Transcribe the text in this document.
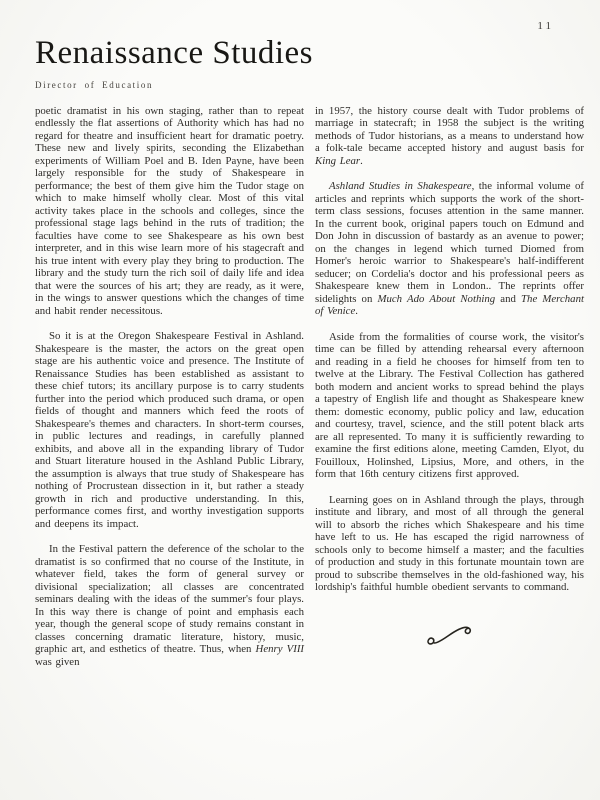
11
Renaissance Studies
Director of Education

poetic dramatist in his own staging, rather than to repeat endlessly the flat assertions of Authority which has had no regard for theatre and insufficient heart for dramatic poetry. These new and lively spirits, seconding the Elizabethan experiments of William Poel and B. Iden Payne, have been largely responsible for the study of Shakespeare in performance; the best of them give him the Tudor stage on which to make himself wholly clear. Most of this vital activity takes place in the schools and colleges, since the professional stage lags behind in the ruts of tradition; the faculties have come to see Shakespeare as his own best interpreter, and in this wise learn more of his stagecraft and his true intent with every play they bring to production. The library and the study turn the rich soil of daily life and idea that were the sources of his art; they are ready, as it were, in the wings to answer questions which the changes of time and habit render necessitous.

So it is at the Oregon Shakespeare Festival in Ashland. Shakespeare is the master, the actors on the great open stage are his authentic voice and presence. The Institute of Renaissance Studies has been established as assistant to these chief tutors; its ancillary purpose is to carry students further into the period which produced such drama, or open fields of thought and manners which feed the roots of Shakespeare's themes and characters. In short-term courses, in public lectures and readings, in carefully planned exhibits, and above all in the expanding library of Tudor and Stuart literature housed in the Ashland Public Library, the assumption is always that true study of Shakespeare has nothing of Procrustean dissection in it, but rather a steady growth in rich and productive understanding. In this, performance comes first, and worthy investigation supports and deepens its impact.

In the Festival pattern the deference of the scholar to the dramatist is so confirmed that no course of the Institute, in whatever field, takes the form of general survey or divisional specialization; all classes are concentrated seminars dealing with the ideas of the summer's four plays. In this way there is change of point and emphasis each year, though the general scope of study remains constant in classes concerning dramatic literature, history, music, graphic art, and esthetics of theatre. Thus, when Henry VIII was given

in 1957, the history course dealt with Tudor problems of marriage in statecraft; in 1958 the subject is the writing methods of Tudor historians, as a means to understand how a folk-tale became accepted history and august basis for King Lear.

Ashland Studies in Shakespeare, the informal volume of articles and reprints which supports the work of the short-term class sessions, focuses attention in the same manner. In the current book, original papers touch on Edmund and Don John in discussion of bastardy as an avenue to power; on the changes in legend which turned Diomed from Homer's heroic warrior to Shakespeare's half-indifferent seducer; on Cordelia's doctor and his professional peers as Shakespeare knew them in London.. The reprints offer sidelights on Much Ado About Nothing and The Merchant of Venice.

Aside from the formalities of course work, the visitor's time can be filled by attending rehearsal every afternoon and reading in a field he chooses for himself from ten to twelve at the Library. The Festival Collection has gathered both modern and ancient works to spread behind the plays a tapestry of English life and thought as Shakespeare knew them: domestic economy, public policy and law, education and courtesy, travel, science, and the still potent black arts are all represented. To many it is sufficiently rewarding to examine the first editions alone, meeting Camden, Elyot, du Fouilloux, Holinshed, Lipsius, More, and others, in the form that 16th century citizens first approved.

Learning goes on in Ashland through the plays, through institute and library, and most of all through the general will to absorb the riches which Shakespeare and his time have left to us. He has escaped the rigid narrowness of schools only to become himself a master; and the faculties of production and study in this fortunate mountain town are proud to subscribe themselves in the old-fashioned way, his lordship's faithful humble obedient servants to command.
